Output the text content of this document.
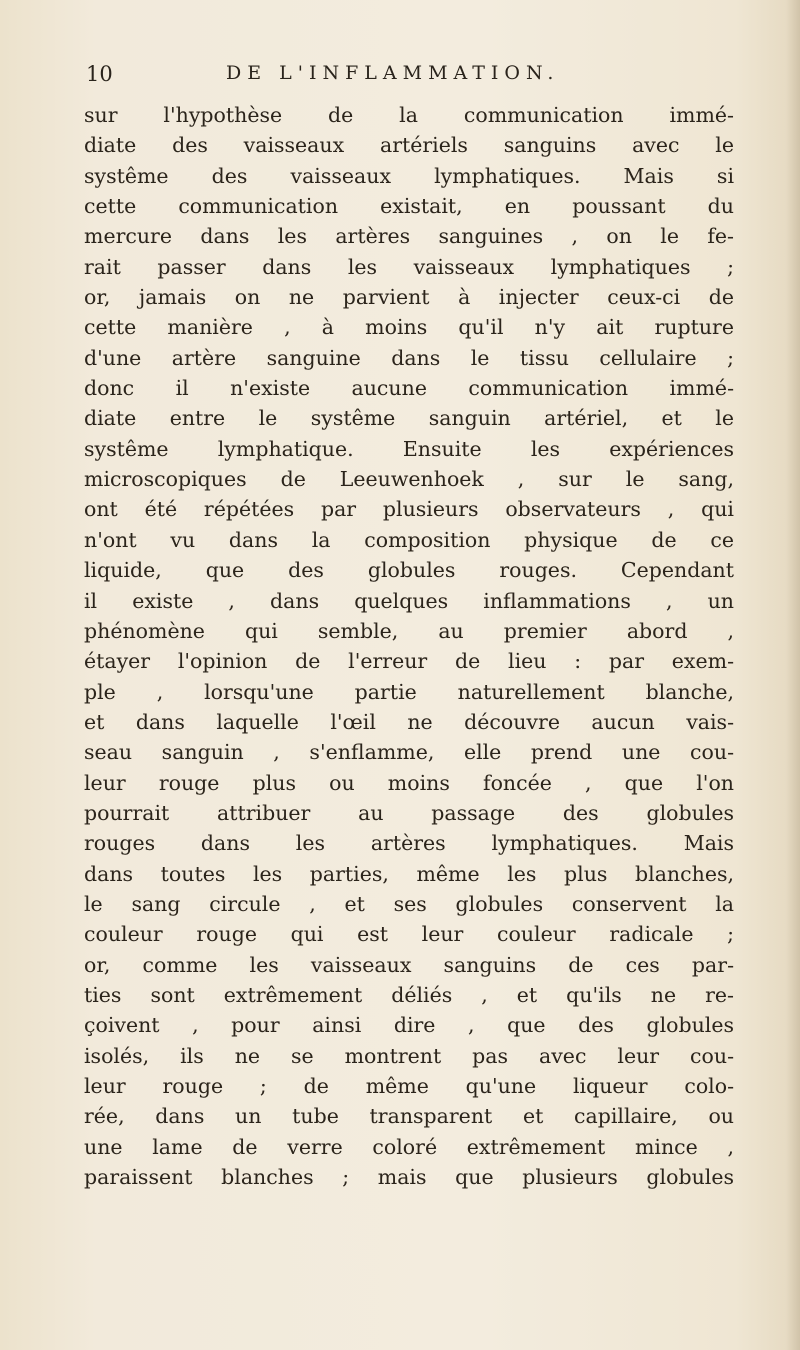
10	DE L'INFLAMMATION.
sur l'hypothèse de la communication immé-
diate des vaisseaux artériels sanguins avec le
systême des vaisseaux lymphatiques. Mais si
cette communication existait, en poussant du
mercure dans les artères sanguines , on le fe-
rait passer dans les vaisseaux lymphatiques ;
or, jamais on ne parvient à injecter ceux-ci de
cette manière , à moins qu'il n'y ait rupture
d'une artère sanguine dans le tissu cellulaire ;
donc il n'existe aucune communication immé-
diate entre le systême sanguin artériel, et le
systême lymphatique. Ensuite les expériences
microscopiques de Leeuwenhoek , sur le sang,
ont été répétées par plusieurs observateurs , qui
n'ont vu dans la composition physique de ce
liquide, que des globules rouges. Cependant
il existe , dans quelques inflammations , un
phénomène qui semble, au premier abord ,
étayer l'opinion de l'erreur de lieu : par exem-
ple , lorsqu'une partie naturellement blanche,
et dans laquelle l'œil ne découvre aucun vais-
seau sanguin , s'enflamme, elle prend une cou-
leur rouge plus ou moins foncée , que l'on
pourrait attribuer au passage des globules
rouges dans les artères lymphatiques. Mais
dans toutes les parties, même les plus blanches,
le sang circule , et ses globules conservent la
couleur rouge qui est leur couleur radicale ;
or, comme les vaisseaux sanguins de ces par-
ties sont extrêmement déliés , et qu'ils ne re-
çoivent , pour ainsi dire , que des globules
isolés, ils ne se montrent pas avec leur cou-
leur rouge ; de même qu'une liqueur colo-
rée, dans un tube transparent et capillaire, ou
une lame de verre coloré extrêmement mince ,
paraissent blanches ; mais que plusieurs globules
